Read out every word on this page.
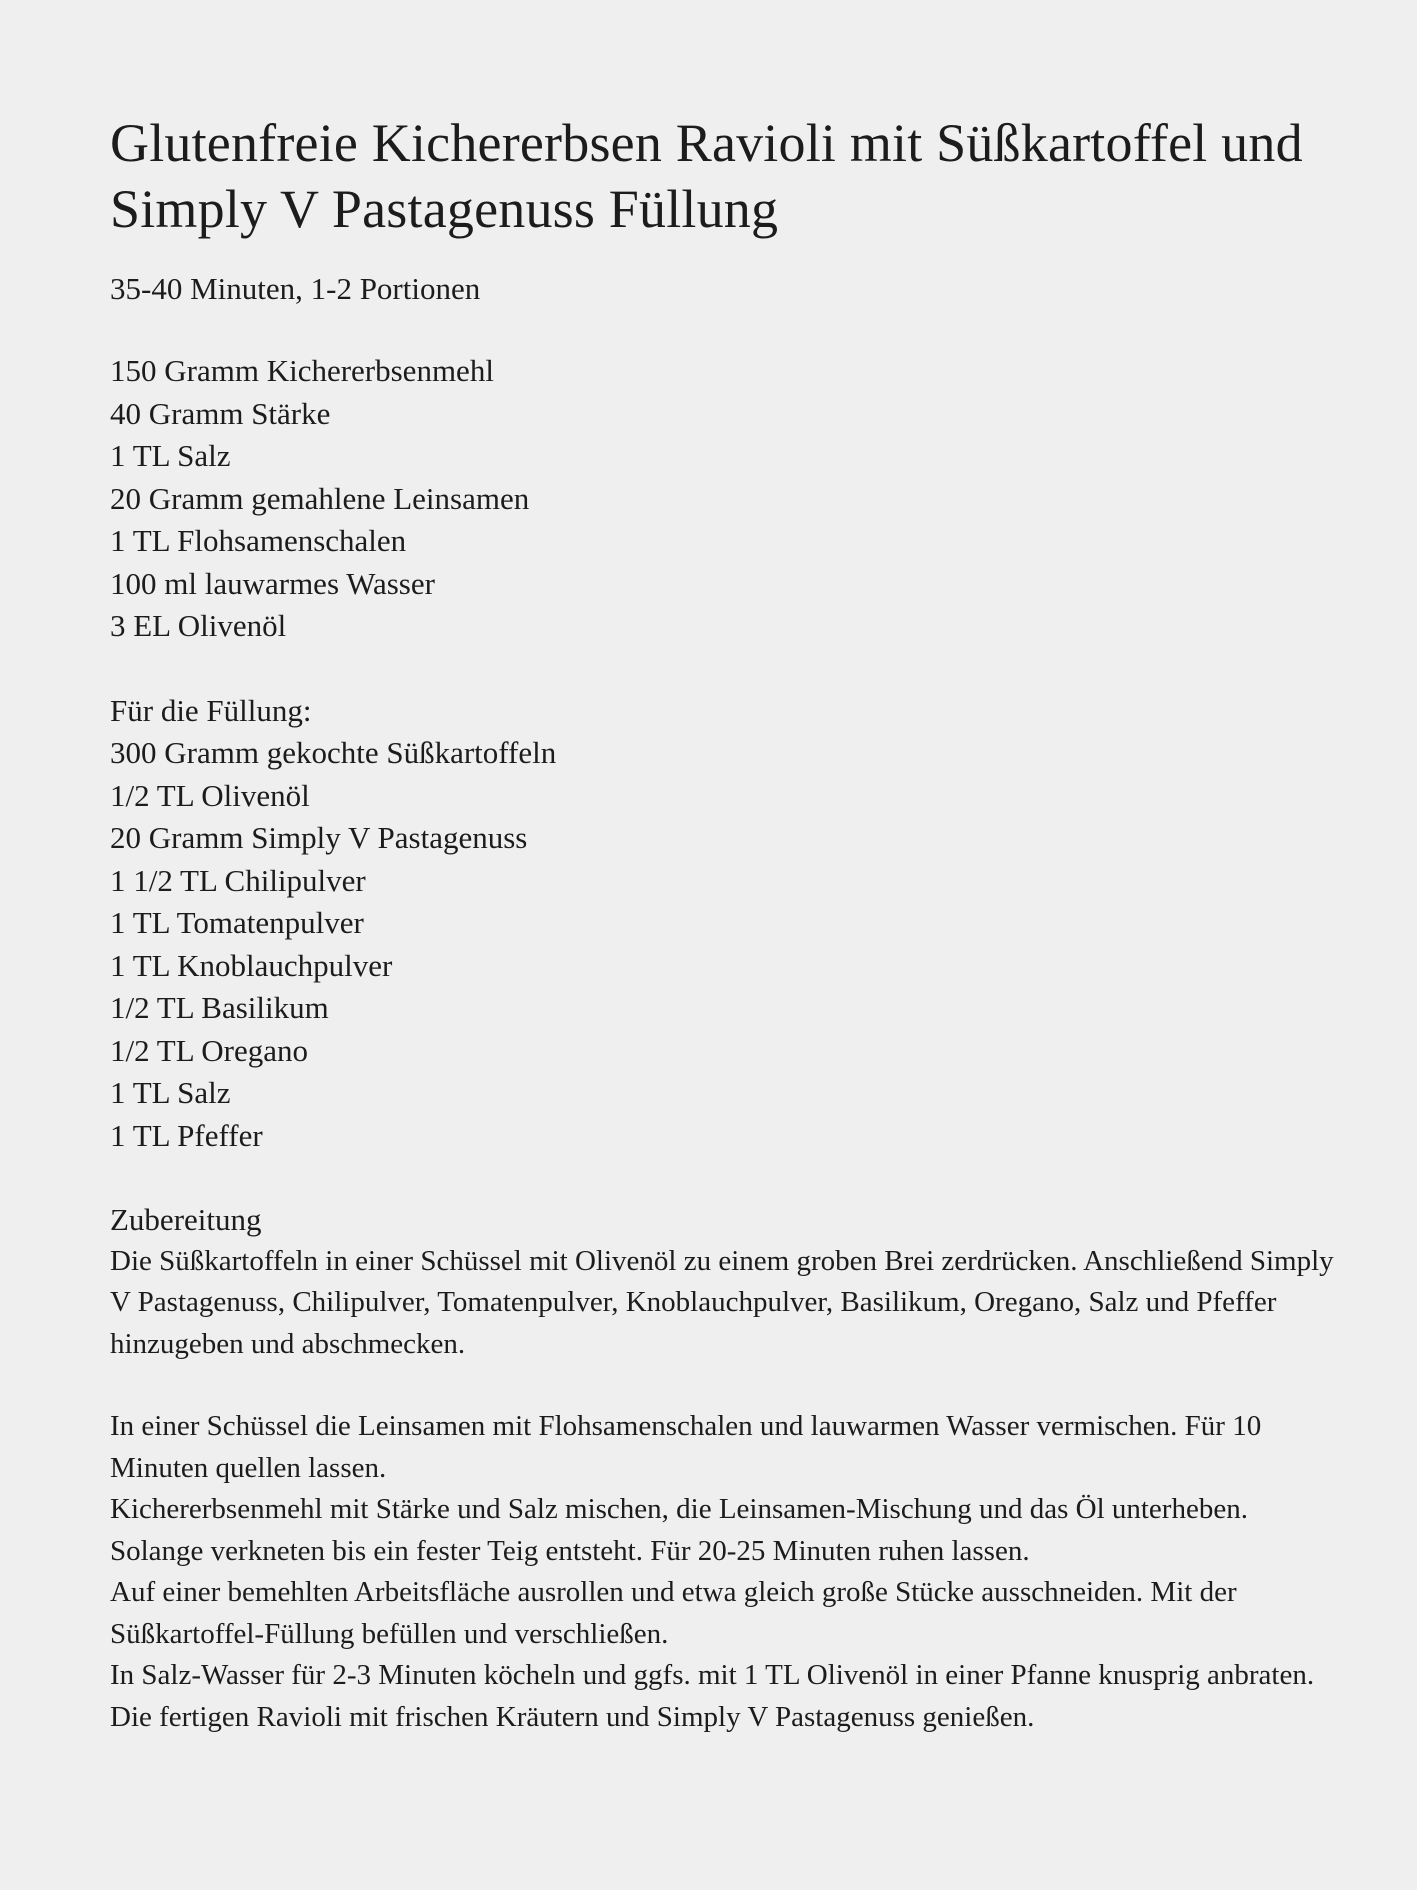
Glutenfreie Kichererbsen Ravioli mit Süßkartoffel und Simply V Pastagenuss Füllung
35-40 Minuten, 1-2 Portionen
150 Gramm Kichererbsenmehl
40 Gramm Stärke
1 TL Salz
20 Gramm gemahlene Leinsamen
1 TL Flohsamenschalen
100 ml lauwarmes Wasser
3 EL Olivenöl
Für die Füllung:
300 Gramm gekochte Süßkartoffeln
1/2 TL Olivenöl
20 Gramm Simply V Pastagenuss
1 1/2 TL Chilipulver
1 TL Tomatenpulver
1 TL Knoblauchpulver
1/2 TL Basilikum
1/2 TL Oregano
1 TL Salz
1 TL Pfeffer
Zubereitung

Die Süßkartoffeln in einer Schüssel mit Olivenöl zu einem groben Brei zerdrücken. Anschließend Simply V Pastagenuss, Chilipulver, Tomatenpulver, Knoblauchpulver, Basilikum, Oregano, Salz und Pfeffer hinzugeben und abschmecken.

In einer Schüssel die Leinsamen mit Flohsamenschalen und lauwarmen Wasser vermischen. Für 10 Minuten quellen lassen.

Kichererbsenmehl mit Stärke und Salz mischen, die Leinsamen-Mischung und das Öl unterheben. Solange verkneten bis ein fester Teig entsteht. Für 20-25 Minuten ruhen lassen.

Auf einer bemehlten Arbeitsfläche ausrollen und etwa gleich große Stücke ausschneiden. Mit der Süßkartoffel-Füllung befüllen und verschließen.

In Salz-Wasser für 2-3 Minuten köcheln und ggfs. mit 1 TL Olivenöl in einer Pfanne knusprig anbraten.

Die fertigen Ravioli mit frischen Kräutern und Simply V Pastagenuss genießen.
